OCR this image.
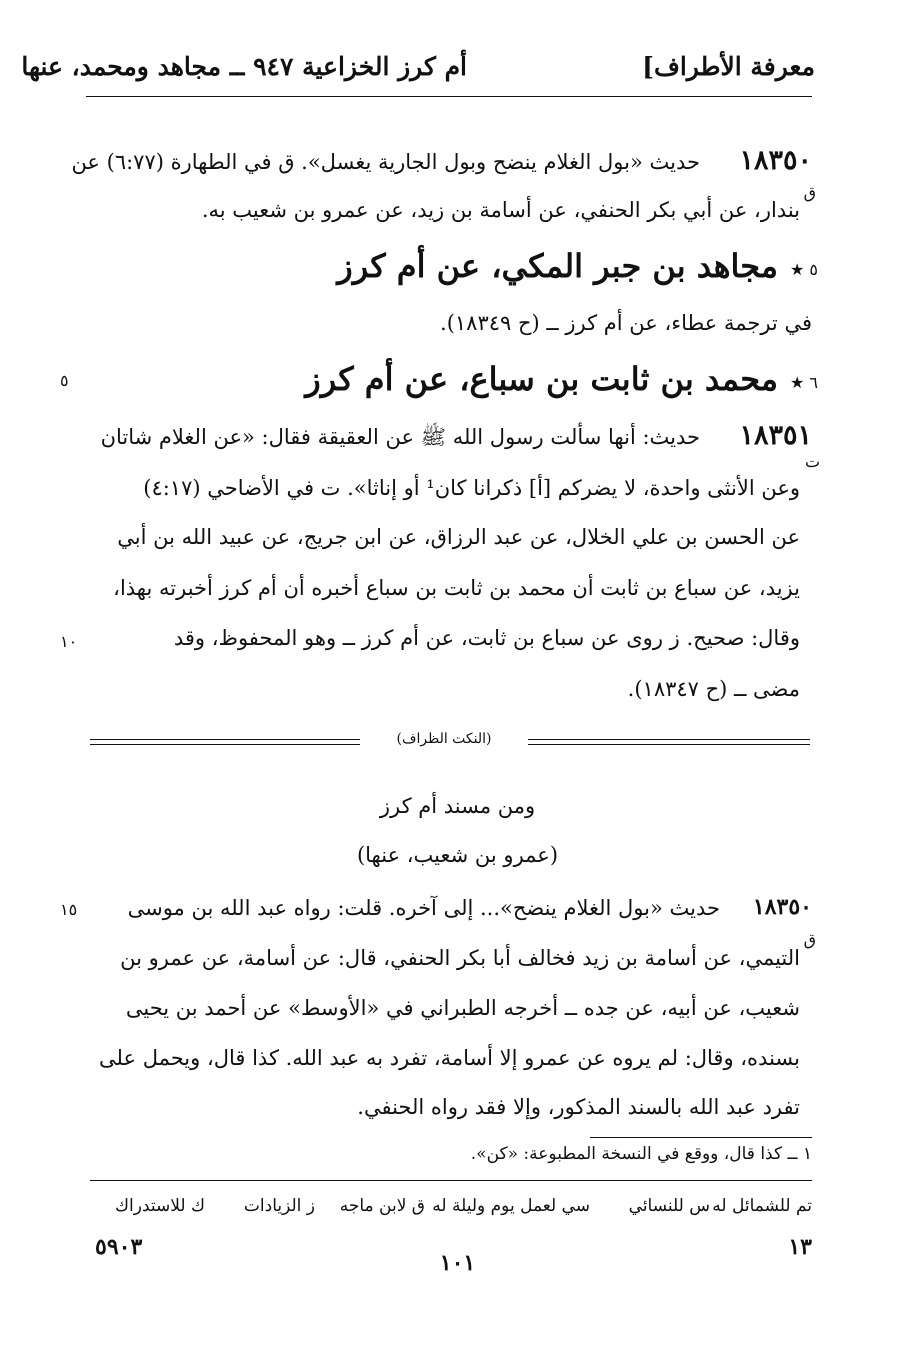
معرفة الأطراف]
أم كرز الخزاعية ٩٤٧ ــ مجاهد ومحمد، عنها
١٨٣٥٠
حديث «بول الغلام ينضح وبول الجارية يغسل». ق في الطهارة (٦:٧٧) عن
ق
بندار، عن أبي بكر الحنفي، عن أسامة بن زيد، عن عمرو بن شعيب به.
٥ ★
مجاهد بن جبر المكي، عن أم كرز
في ترجمة عطاء، عن أم كرز ــ (ح ١٨٣٤٩).
٦ ★
محمد بن ثابت بن سباع، عن أم كرز
٥
١٨٣٥١
ت
حديث: أنها سألت رسول الله ﷺ عن العقيقة فقال: «عن الغلام شاتان
وعن الأنثى واحدة، لا يضركم [أ] ذكرانا كان¹ أو إناثا». ت في الأضاحي (٤:١٧)
عن الحسن بن علي الخلال، عن عبد الرزاق، عن ابن جريج، عن عبيد الله بن أبي
يزيد، عن سباع بن ثابت أن محمد بن ثابت بن سباع أخبره أن أم كرز أخبرته بهذا،
وقال: صحيح. ز روى عن سباع بن ثابت، عن أم كرز ــ وهو المحفوظ، وقد
١٠
مضى ــ (ح ١٨٣٤٧).
(النكت الظراف)
ومن مسند أم كرز
(عمرو بن شعيب، عنها)
١٨٣٥٠
حديث «بول الغلام ينضح»... إلى آخره. قلت: رواه عبد الله بن موسى
١٥
ق
التيمي، عن أسامة بن زيد فخالف أبا بكر الحنفي، قال: عن أسامة، عن عمرو بن
شعيب، عن أبيه، عن جده ــ أخرجه الطبراني في «الأوسط» عن أحمد بن يحيى
بسنده، وقال: لم يروه عن عمرو إلا أسامة، تفرد به عبد الله. كذا قال، ويحمل على
تفرد عبد الله بالسند المذكور، وإلا فقد رواه الحنفي.
١ ــ كذا قال، ووقع في النسخة المطبوعة: «كن».
تم للشمائل له
س للنسائي
سي لعمل يوم وليلة له
ق لابن ماجه
ز الزيادات
ك للاستدراك
١٣
١٠١
٥٩٠٣
